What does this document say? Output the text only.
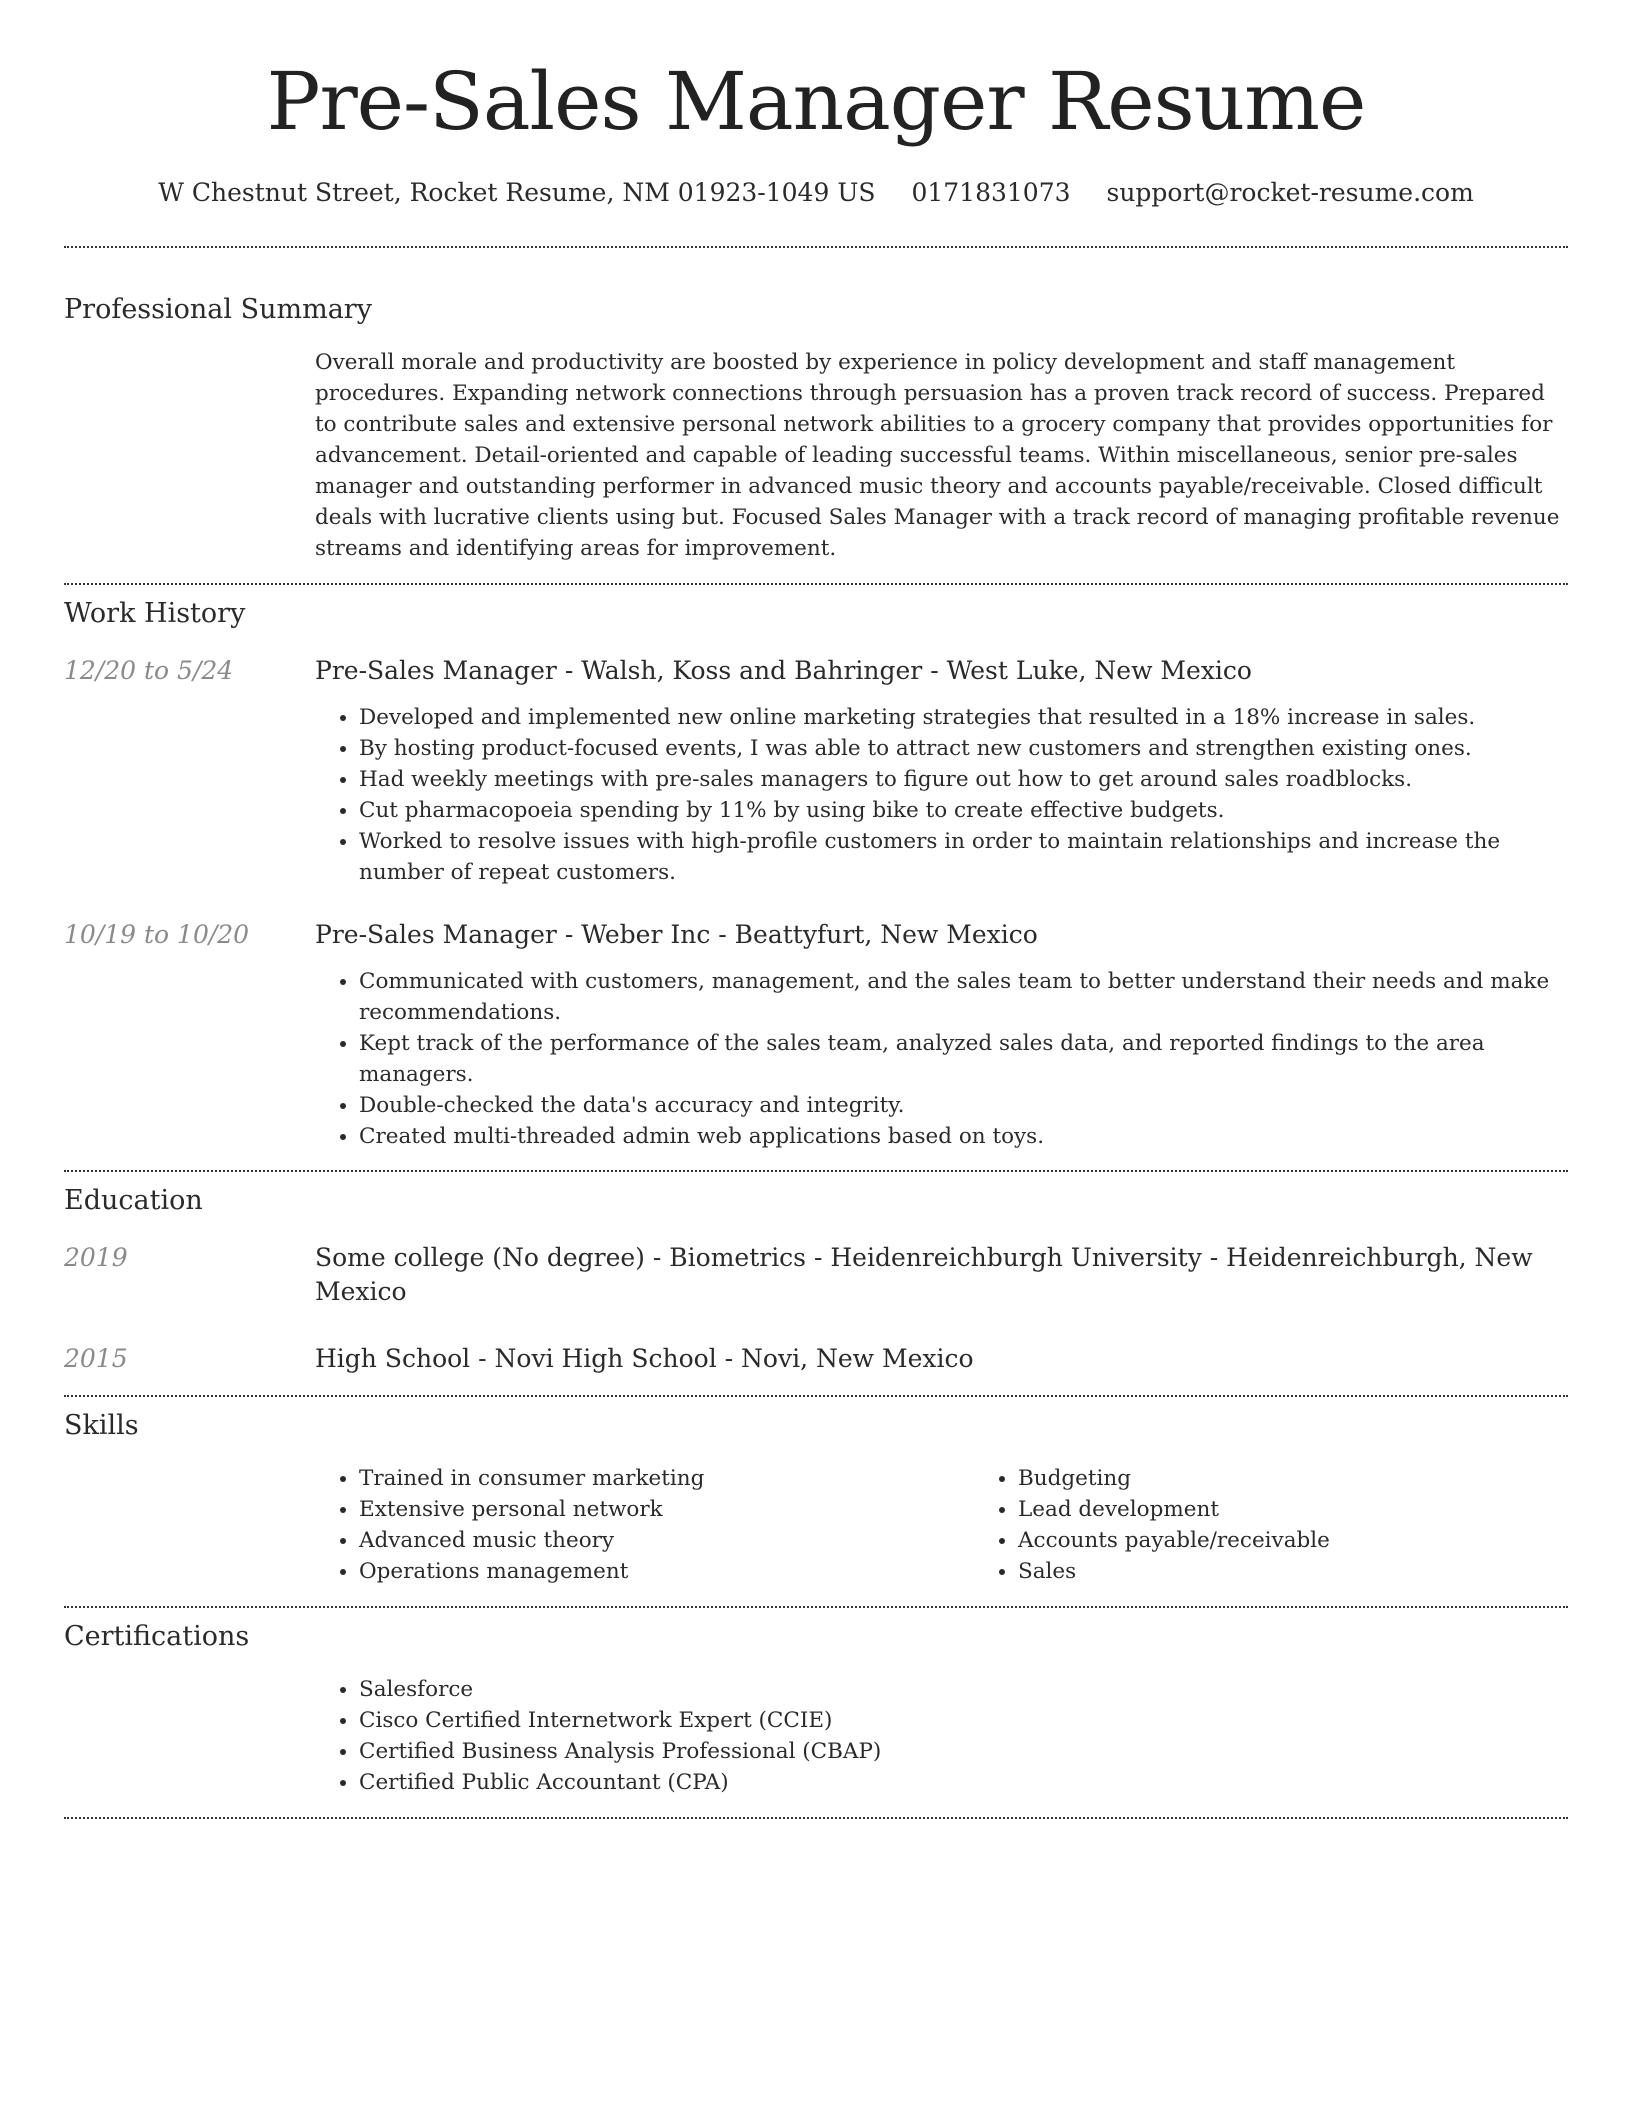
Pre-Sales Manager Resume
W Chestnut Street, Rocket Resume, NM 01923-1049 US 0171831073 support@rocket-resume.com
Professional Summary

Overall morale and productivity are boosted by experience in policy development and staff management procedures. Expanding network connections through persuasion has a proven track record of success. Prepared to contribute sales and extensive personal network abilities to a grocery company that provides opportunities for advancement. Detail-oriented and capable of leading successful teams. Within miscellaneous, senior pre-sales manager and outstanding performer in advanced music theory and accounts payable/receivable. Closed difficult deals with lucrative clients using but. Focused Sales Manager with a track record of managing profitable revenue streams and identifying areas for improvement.

Work History
12/20 to 5/24	Pre-Sales Manager - Walsh, Koss and Bahringer - West Luke, New Mexico
• Developed and implemented new online marketing strategies that resulted in a 18% increase in sales.
• By hosting product-focused events, I was able to attract new customers and strengthen existing ones.
• Had weekly meetings with pre-sales managers to figure out how to get around sales roadblocks.
• Cut pharmacopoeia spending by 11% by using bike to create effective budgets.
• Worked to resolve issues with high-profile customers in order to maintain relationships and increase the number of repeat customers.
10/19 to 10/20	Pre-Sales Manager - Weber Inc - Beattyfurt, New Mexico
• Communicated with customers, management, and the sales team to better understand their needs and make recommendations.
• Kept track of the performance of the sales team, analyzed sales data, and reported findings to the area managers.
• Double-checked the data's accuracy and integrity.
• Created multi-threaded admin web applications based on toys.
Education
2019	Some college (No degree) - Biometrics - Heidenreichburgh University - Heidenreichburgh, New Mexico
2015	High School - Novi High School - Novi, New Mexico
Skills
• Trained in consumer marketing
• Extensive personal network
• Advanced music theory
• Operations management
• Budgeting
• Lead development
• Accounts payable/receivable
• Sales
Certifications
• Salesforce
• Cisco Certified Internetwork Expert (CCIE)
• Certified Business Analysis Professional (CBAP)
• Certified Public Accountant (CPA)
